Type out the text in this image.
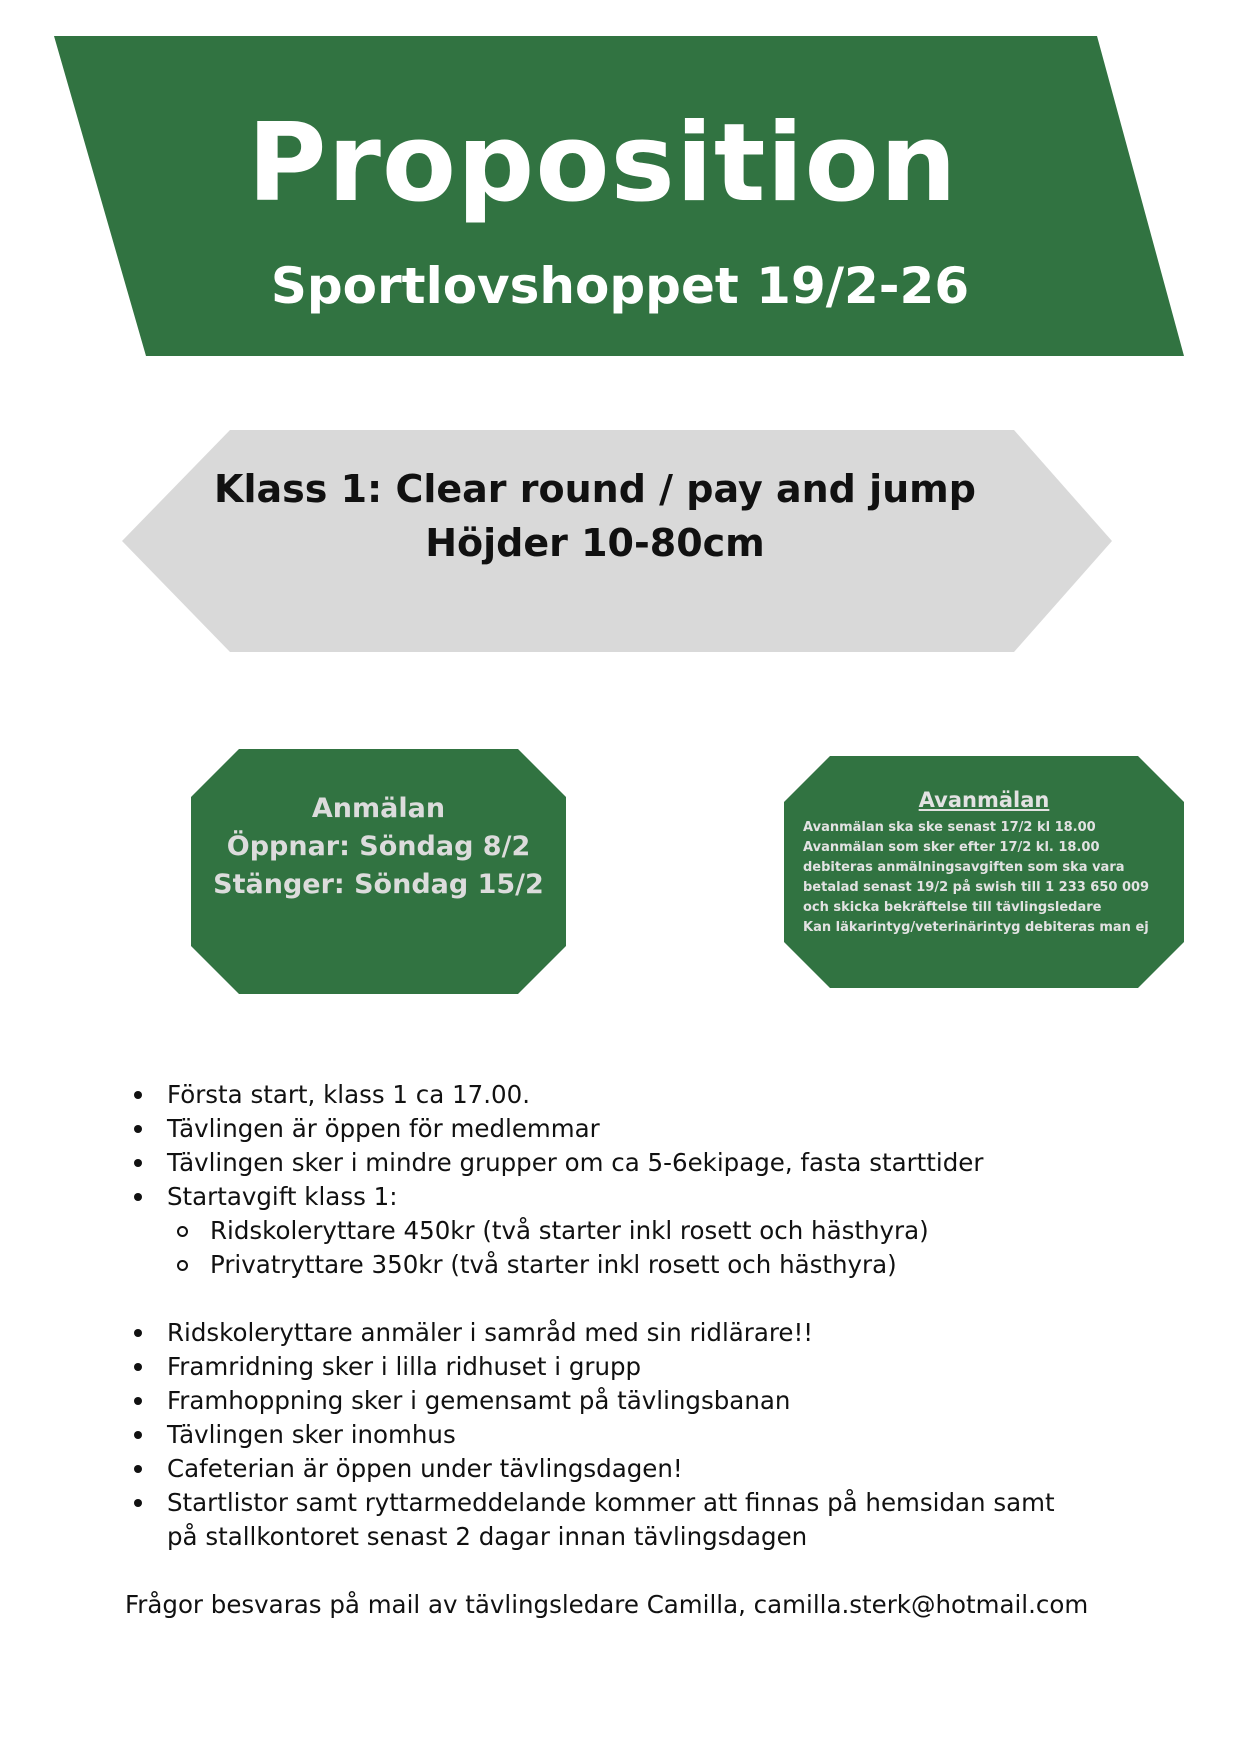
Proposition
Sportlovshoppet 19/2-26
Klass 1: Clear round / pay and jump
Höjder 10-80cm
Anmälan
Öppnar: Söndag 8/2
Stänger: Söndag 15/2
Avanmälan
Avanmälan ska ske senast 17/2 kl 18.00
Avanmälan som sker efter 17/2 kl. 18.00
debiteras anmälningsavgiften som ska vara
betalad senast 19/2 på swish till 1 233 650 009
och skicka bekräftelse till tävlingsledare
Kan läkarintyg/veterinärintyg debiteras man ej
Första start, klass 1 ca 17.00.
Tävlingen är öppen för medlemmar
Tävlingen sker i mindre grupper om ca 5-6ekipage, fasta starttider
Startavgift klass 1:
Ridskoleryttare 450kr (två starter inkl rosett och hästhyra)
Privatryttare 350kr (två starter inkl rosett och hästhyra)
Ridskoleryttare anmäler i samråd med sin ridlärare!!
Framridning sker i lilla ridhuset i grupp
Framhoppning sker i gemensamt på tävlingsbanan
Tävlingen sker inomhus
Cafeterian är öppen under tävlingsdagen!
Startlistor samt ryttarmeddelande kommer att finnas på hemsidan samt på stallkontoret senast 2 dagar innan tävlingsdagen
Frågor besvaras på mail av tävlingsledare Camilla, camilla.sterk@hotmail.com
